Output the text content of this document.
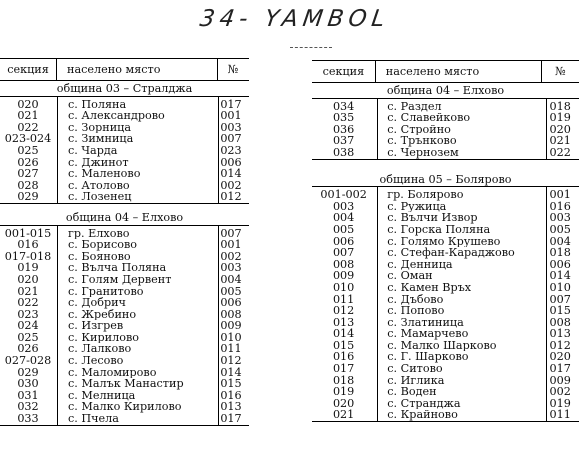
34- YAMBOL
секция	населено място	№
община 03 – Стралджа
020	с. Поляна	017
021	с. Александрово	001
022	с. Зорница	003
023-024	с. Зимница	007
025	с. Чарда	023
026	с. Джинот	006
027	с. Маленово	014
028	с. Атолово	002
029	с. Лозенец	012
община 04 – Елхово
001-015	гр. Елхово	007
016	с. Борисово	001
017-018	с. Бояново	002
019	с. Вълча Поляна	003
020	с. Голям Дервент	004
021	с. Гранитово	005
022	с. Добрич	006
023	с. Жребино	008
024	с. Изгрев	009
025	с. Кирилово	010
026	с. Лалково	011
027-028	с. Лесово	012
029	с. Маломирово	014
030	с. Малък Манастир	015
031	с. Мелница	016
032	с. Малко Кирилово	013
033	с. Пчела	017
секция	населено място	№
община 04 – Елхово
034	с. Раздел	018
035	с. Славейково	019
036	с. Стройно	020
037	с. Трънково	021
038	с. Чернозем	022
община 05 – Болярово
001-002	гр. Болярово	001
003	с. Ружица	016
004	с. Вълчи Извор	003
005	с. Горска Поляна	005
006	с. Голямо Крушево	004
007	с. Стефан-Караджово	018
008	с. Денница	006
009	с. Оман	014
010	с. Камен Връх	010
011	с. Дъбово	007
012	с. Попово	015
013	с. Златиница	008
014	с. Мамарчево	013
015	с. Малко Шарково	012
016	с. Г. Шарково	020
017	с. Ситово	017
018	с. Иглика	009
019	с. Воден	002
020	с. Странджа	019
021	с. Крайново	011
